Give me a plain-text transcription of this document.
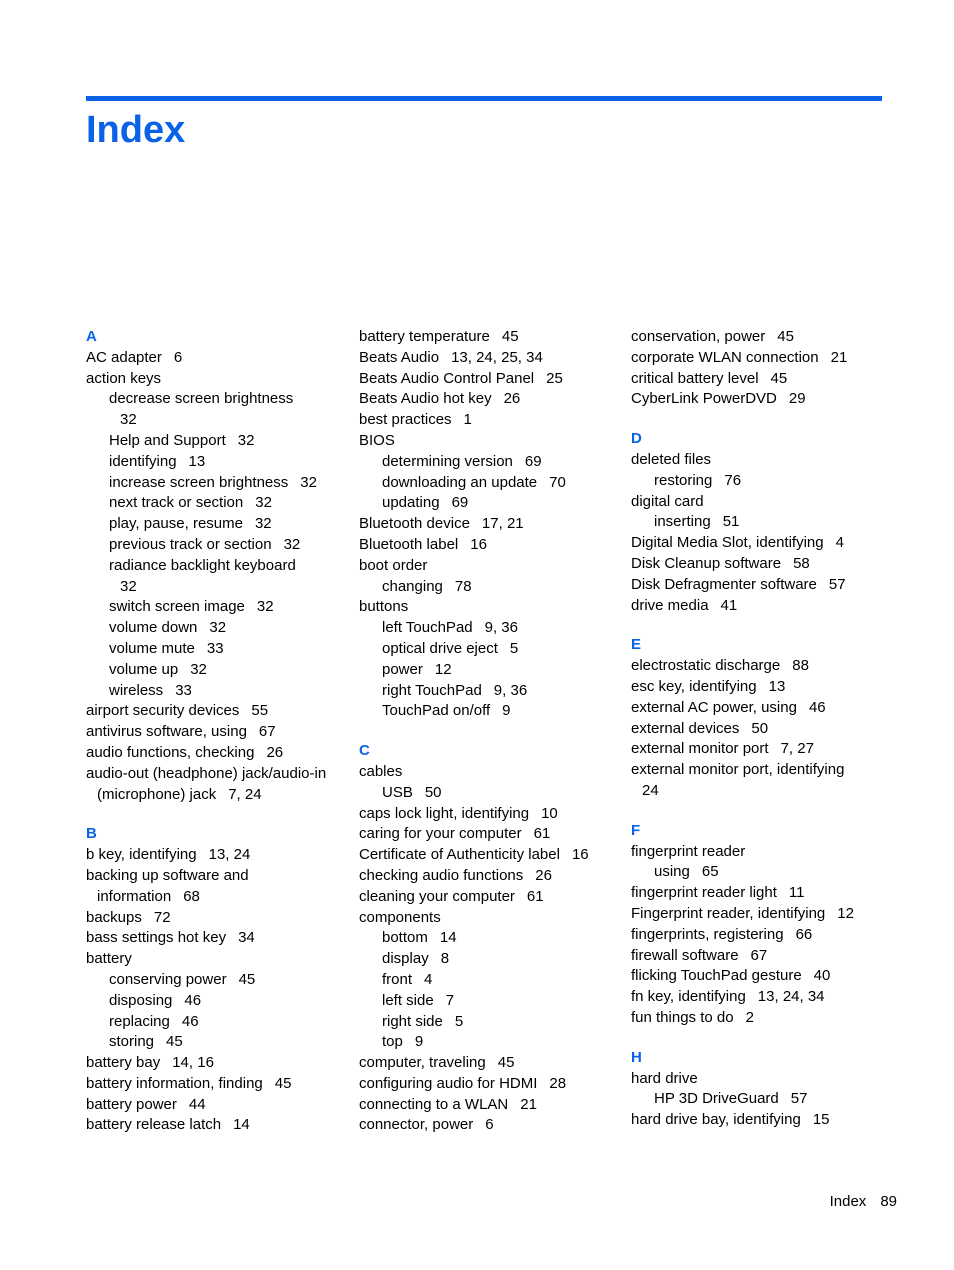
Index
A
AC adapter 6
action keys
decrease screen brightness
32
Help and Support 32
identifying 13
increase screen brightness 32
next track or section 32
play, pause, resume 32
previous track or section 32
radiance backlight keyboard
32
switch screen image 32
volume down 32
volume mute 33
volume up 32
wireless 33
airport security devices 55
antivirus software, using 67
audio functions, checking 26
audio-out (headphone) jack/audio-in (microphone) jack 7, 24
B
b key, identifying 13, 24
backing up software and information 68
backups 72
bass settings hot key 34
battery
conserving power 45
disposing 46
replacing 46
storing 45
battery bay 14, 16
battery information, finding 45
battery power 44
battery release latch 14
battery temperature 45
Beats Audio 13, 24, 25, 34
Beats Audio Control Panel 25
Beats Audio hot key 26
best practices 1
BIOS
determining version 69
downloading an update 70
updating 69
Bluetooth device 17, 21
Bluetooth label 16
boot order
changing 78
buttons
left TouchPad 9, 36
optical drive eject 5
power 12
right TouchPad 9, 36
TouchPad on/off 9
C
cables
USB 50
caps lock light, identifying 10
caring for your computer 61
Certificate of Authenticity label 16
checking audio functions 26
cleaning your computer 61
components
bottom 14
display 8
front 4
left side 7
right side 5
top 9
computer, traveling 45
configuring audio for HDMI 28
connecting to a WLAN 21
connector, power 6
conservation, power 45
corporate WLAN connection 21
critical battery level 45
CyberLink PowerDVD 29
D
deleted files
restoring 76
digital card
inserting 51
Digital Media Slot, identifying 4
Disk Cleanup software 58
Disk Defragmenter software 57
drive media 41
E
electrostatic discharge 88
esc key, identifying 13
external AC power, using 46
external devices 50
external monitor port 7, 27
external monitor port, identifying
24
F
fingerprint reader
using 65
fingerprint reader light 11
Fingerprint reader, identifying 12
fingerprints, registering 66
firewall software 67
flicking TouchPad gesture 40
fn key, identifying 13, 24, 34
fun things to do 2
H
hard drive
HP 3D DriveGuard 57
hard drive bay, identifying 15
Index 89
